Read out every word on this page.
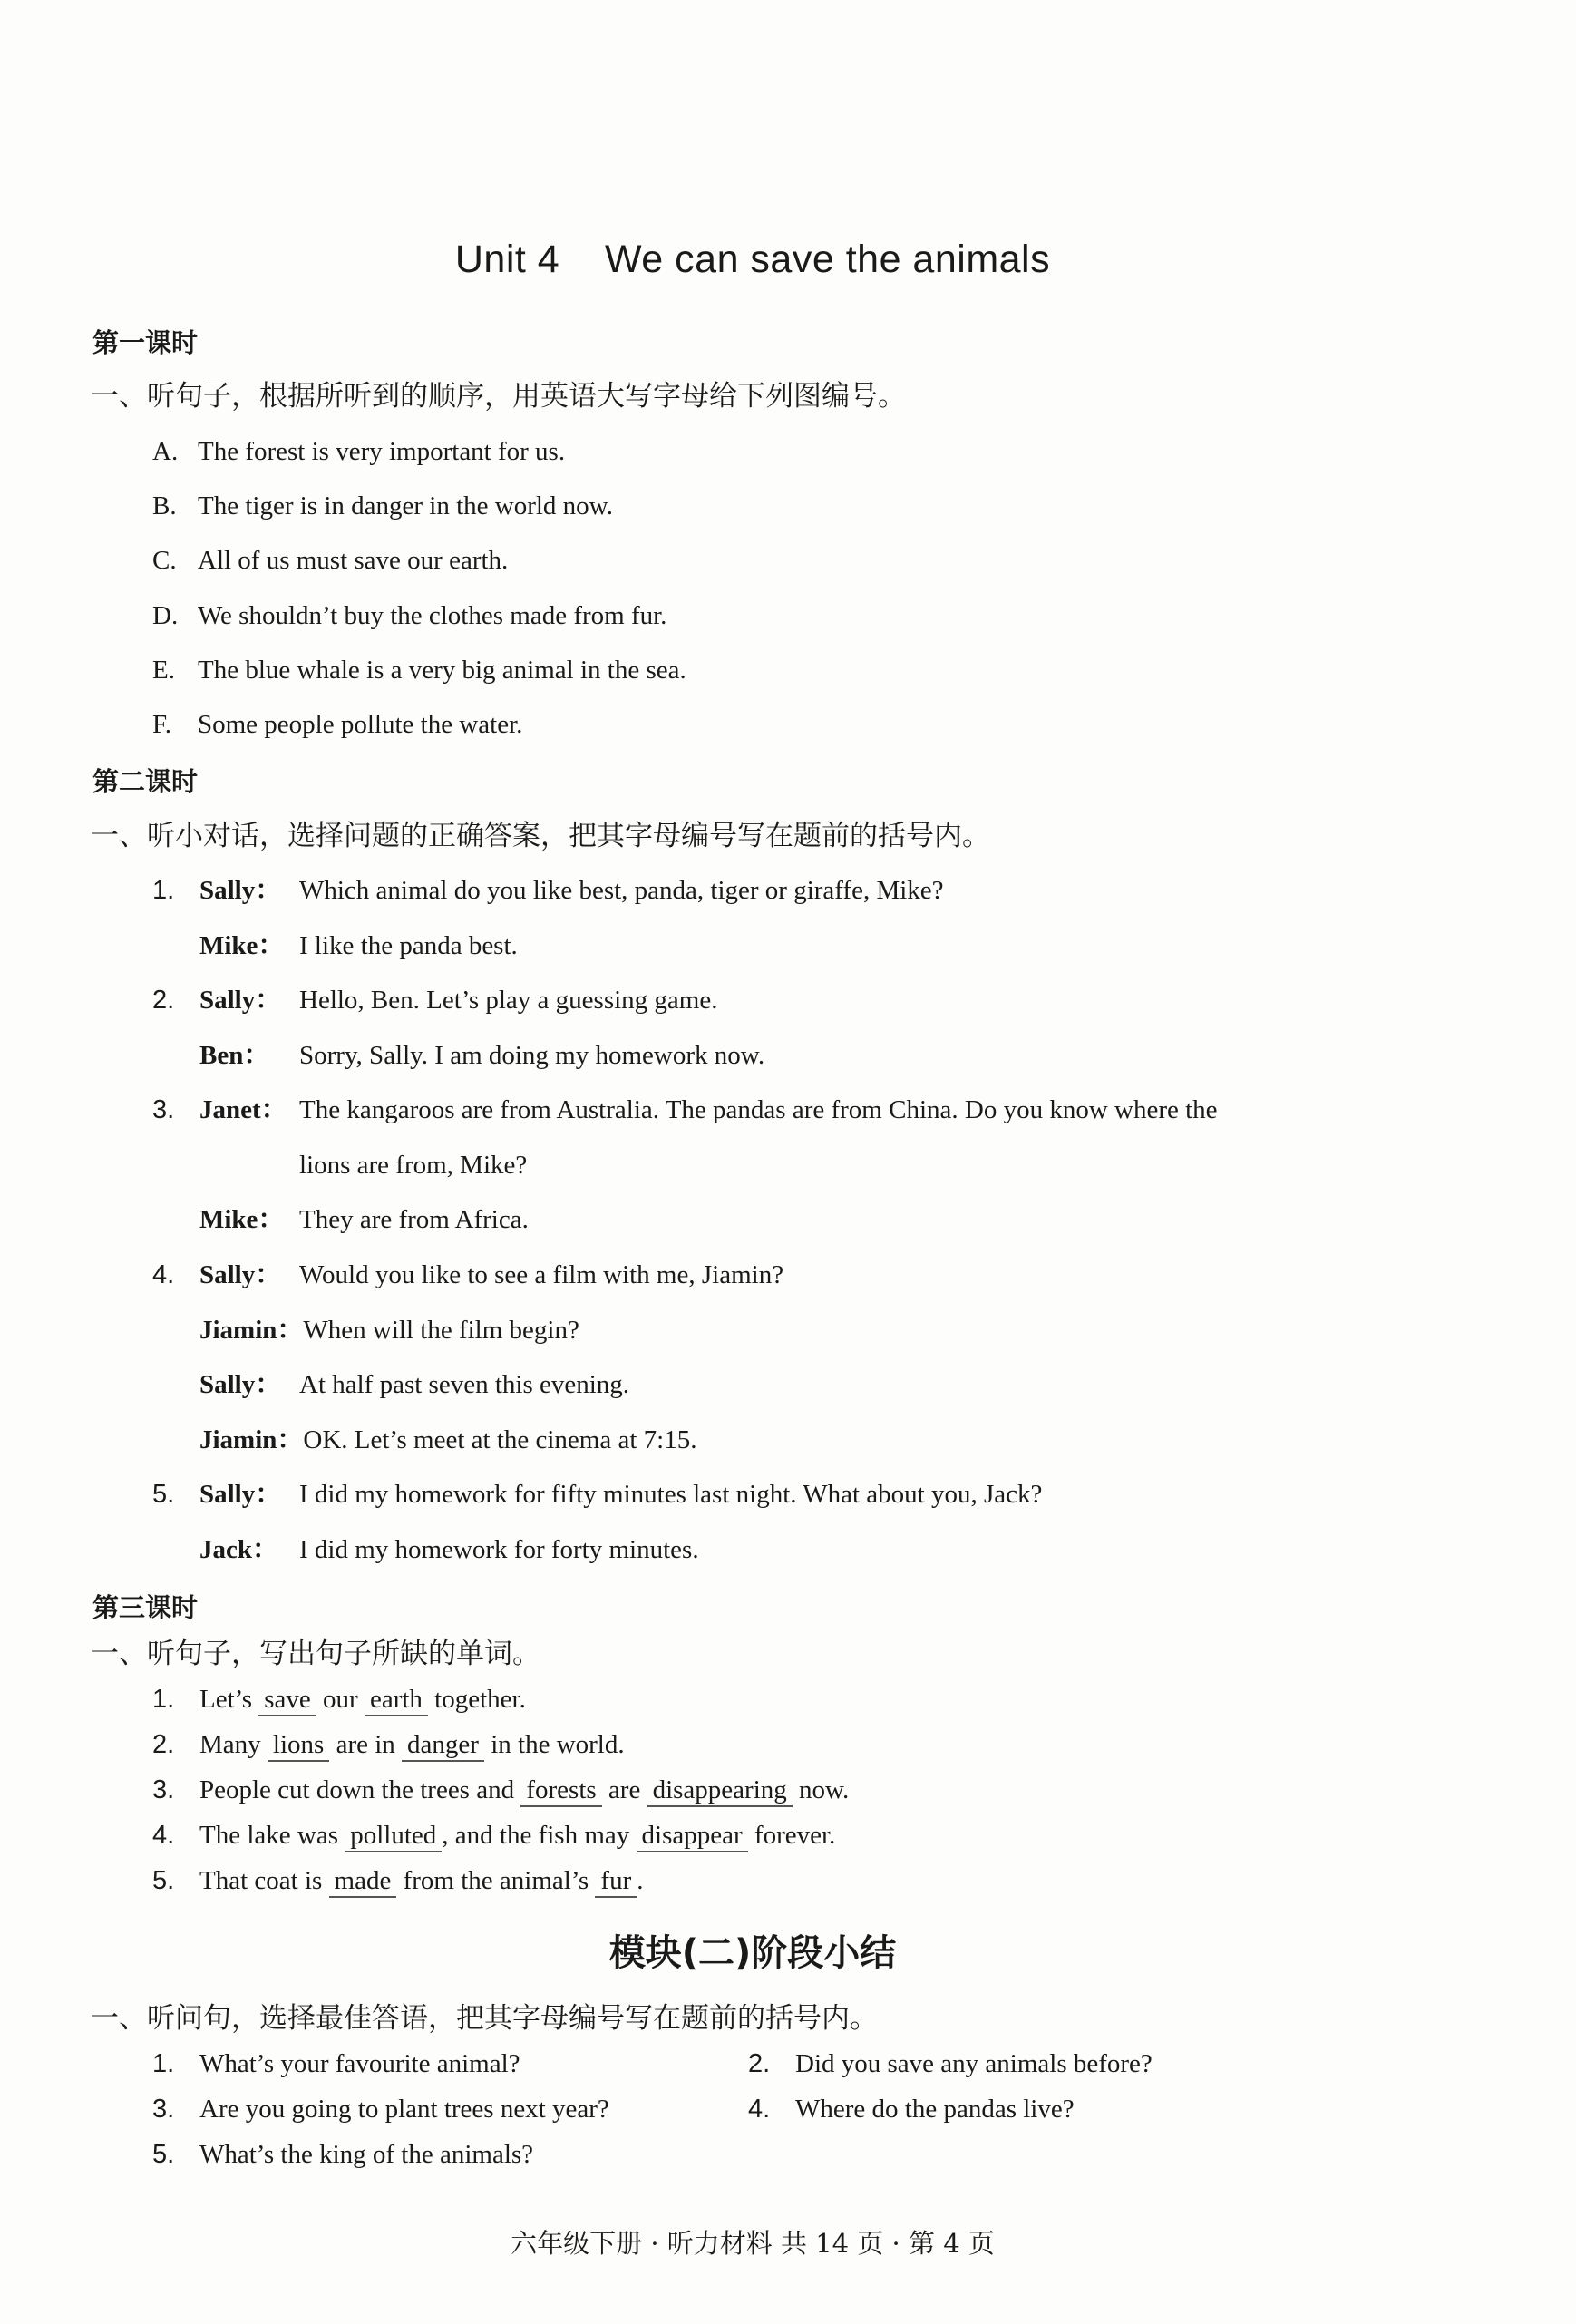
Unit 4    We can save the animals
第一课时
一、听句子，根据所听到的顺序，用英语大写字母给下列图编号。
A. The forest is very important for us.
B. The tiger is in danger in the world now.
C. All of us must save our earth.
D. We shouldn’t buy the clothes made from fur.
E. The blue whale is a very big animal in the sea.
F. Some people pollute the water.
第二课时
一、听小对话，选择问题的正确答案，把其字母编号写在题前的括号内。
1. Sally： Which animal do you like best, panda, tiger or giraffe, Mike?
Mike： I like the panda best.
2. Sally： Hello, Ben. Let’s play a guessing game.
Ben： Sorry, Sally. I am doing my homework now.
3. Janet： The kangaroos are from Australia. The pandas are from China. Do you know where the
lions are from, Mike?
Mike： They are from Africa.
4. Sally： Would you like to see a film with me, Jiamin?
Jiamin：When will the film begin?
Sally： At half past seven this evening.
Jiamin：OK. Let’s meet at the cinema at 7:15.
5. Sally： I did my homework for fifty minutes last night. What about you, Jack?
Jack： I did my homework for forty minutes.
第三课时
一、听句子，写出句子所缺的单词。
1. Let’s save our earth together.
2. Many lions are in danger in the world.
3. People cut down the trees and forests are disappearing now.
4. The lake was polluted , and the fish may disappear forever.
5. That coat is made from the animal’s fur .
模块(二)阶段小结
一、听问句，选择最佳答语，把其字母编号写在题前的括号内。
1. What’s your favourite animal?	2. Did you save any animals before?
3. Are you going to plant trees next year?	4. Where do the pandas live?
5. What’s the king of the animals?
六年级下册 · 听力材料 共 14 页 · 第 4 页
